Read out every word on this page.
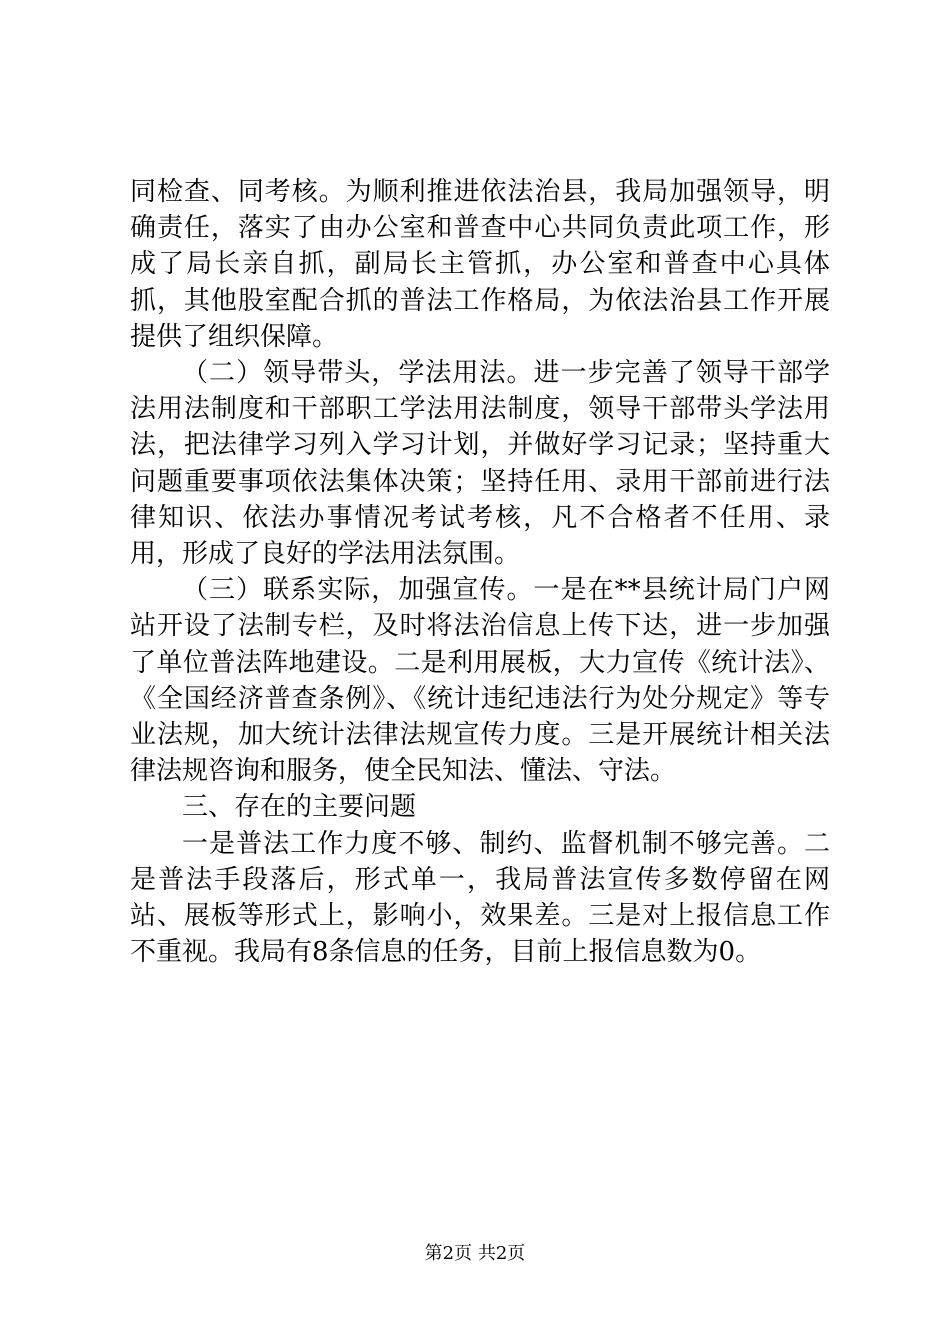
同检查、同考核。为顺利推进依法治县，我局加强领导，明确责任，落实了由办公室和普查中心共同负责此项工作，形成了局长亲自抓，副局长主管抓，办公室和普查中心具体抓，其他股室配合抓的普法工作格局，为依法治县工作开展提供了组织保障。

（二）领导带头，学法用法。进一步完善了领导干部学法用法制度和干部职工学法用法制度，领导干部带头学法用法，把法律学习列入学习计划，并做好学习记录；坚持重大问题重要事项依法集体决策；坚持任用、录用干部前进行法律知识、依法办事情况考试考核，凡不合格者不任用、录用，形成了良好的学法用法氛围。

（三）联系实际，加强宣传。一是在**县统计局门户网站开设了法制专栏，及时将法治信息上传下达，进一步加强了单位普法阵地建设。二是利用展板，大力宣传《统计法》、《全国经济普查条例》、《统计违纪违法行为处分规定》等专业法规，加大统计法律法规宣传力度。三是开展统计相关法律法规咨询和服务，使全民知法、懂法、守法。

三、存在的主要问题

一是普法工作力度不够、制约、监督机制不够完善。二是普法手段落后，形式单一，我局普法宣传多数停留在网站、展板等形式上，影响小，效果差。三是对上报信息工作不重视。我局有8条信息的任务，目前上报信息数为0。

第2页 共2页
